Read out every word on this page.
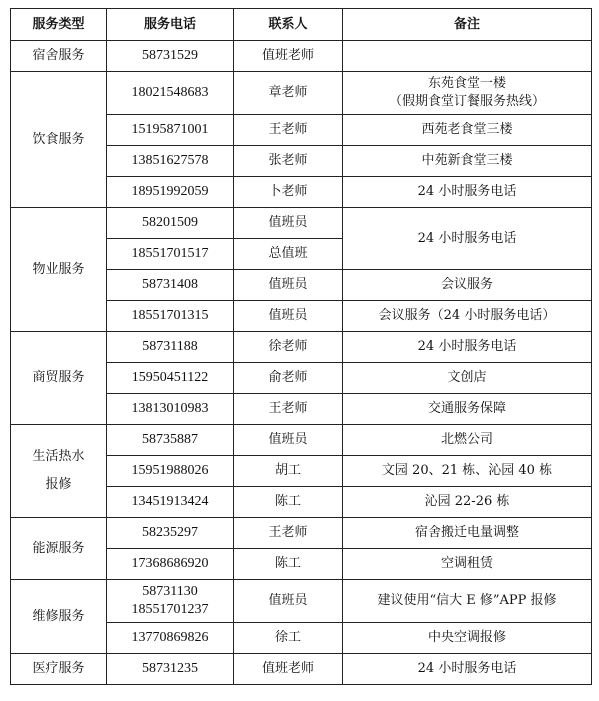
服务类型	服务电话	联系人	备注
宿舍服务	58731529	值班老师	
饮食服务	18021548683	章老师	东苑食堂一楼
（假期食堂订餐服务热线）

	15195871001	王老师	西苑老食堂三楼
	13851627578	张老师	中苑新食堂三楼
	18951992059	卜老师	24 小时服务电话
物业服务	58201509	值班员	24 小时服务电话
	18551701517	总值班	
	58731408	值班员	会议服务
	18551701315	值班员	会议服务（24 小时服务电话）
商贸服务	58731188	徐老师	24 小时服务电话
	15950451122	俞老师	文创店
	13813010983	王老师	交通服务保障

生活热水
报修	58735887	值班员	北燃公司
	15951988026	胡工	文园 20、21 栋、沁园 40 栋
	13451913424	陈工	沁园 22-26 栋
能源服务	58235297	王老师	宿舍搬迁电量调整
	17368686920	陈工	空调租赁
维修服务	58731130
18551701237	值班员	建议使用“信大 E 修”APP 报修
	13770869826	徐工	中央空调报修
医疗服务	58731235	值班老师	24 小时服务电话
